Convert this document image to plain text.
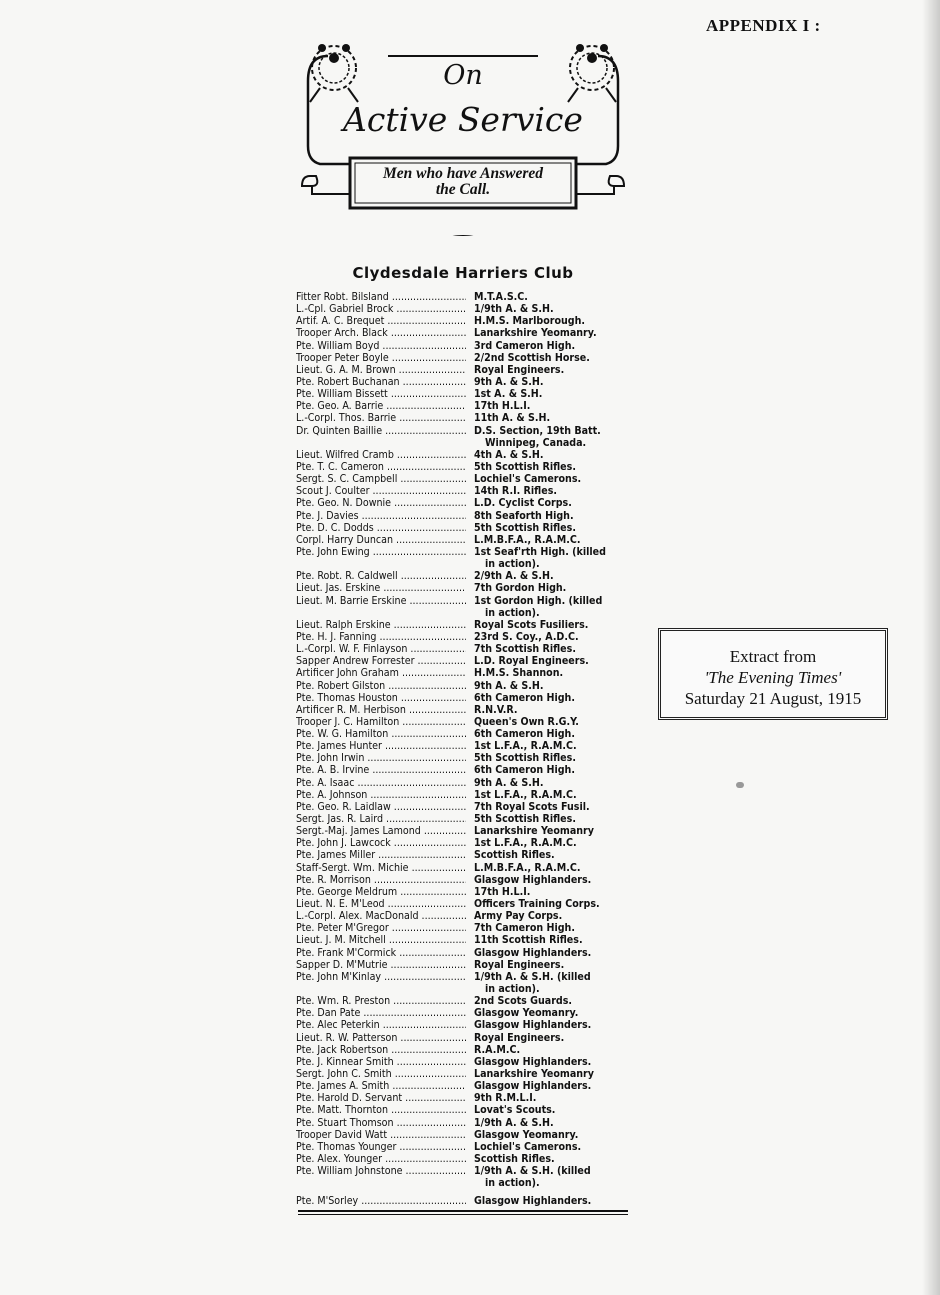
APPENDIX I :
On
Active Service
Men who have Answered
the Call.
Clydesdale Harriers Club
Fitter Robt. Bilsland .....	M.T.A.S.C.
L.-Cpl. Gabriel Brock .....	1/9th A. & S.H.
Artif. A. C. Brequet .....	H.M.S. Marlborough.
Trooper Arch. Black .....	Lanarkshire Yeomanry.
Pte. William Boyd .....	3rd Cameron High.
Trooper Peter Boyle .....	2/2nd Scottish Horse.
Lieut. G. A. M. Brown .....	Royal Engineers.
Pte. Robert Buchanan .....	9th A. & S.H.
Pte. William Bissett .....	1st A. & S.H.
Pte. Geo. A. Barrie .....	17th H.L.I.
L.-Corpl. Thos. Barrie .....	11th A. & S.H.
Dr. Quinten Baillie .....	D.S. Section, 19th Batt.
Winnipeg, Canada.
Lieut. Wilfred Cramb .....	4th A. & S.H.
Pte. T. C. Cameron .....	5th Scottish Rifles.
Sergt. S. C. Campbell .....	Lochiel's Camerons.
Scout J. Coulter .....	14th R.I. Rifles.
Pte. Geo. N. Downie .....	L.D. Cyclist Corps.
Pte. J. Davies .....	8th Seaforth High.
Pte. D. C. Dodds .....	5th Scottish Rifles.
Corpl. Harry Duncan .....	L.M.B.F.A., R.A.M.C.
Pte. John Ewing .....	1st Seaf'rth High. (killed
in action).
Pte. Robt. R. Caldwell .....	2/9th A. & S.H.
Lieut. Jas. Erskine .....	7th Gordon High.
Lieut. M. Barrie Erskine .....	1st Gordon High. (killed
in action).
Lieut. Ralph Erskine .....	Royal Scots Fusiliers.
Pte. H. J. Fanning .....	23rd S. Coy., A.D.C.
L.-Corpl. W. F. Finlayson .....	7th Scottish Rifles.
Sapper Andrew Forrester .....	L.D. Royal Engineers.
Artificer John Graham .....	H.M.S. Shannon.
Pte. Robert Gilston .....	9th A. & S.H.
Pte. Thomas Houston .....	6th Cameron High.
Artificer R. M. Herbison .....	R.N.V.R.
Trooper J. C. Hamilton .....	Queen's Own R.G.Y.
Pte. W. G. Hamilton .....	6th Cameron High.
Pte. James Hunter .....	1st L.F.A., R.A.M.C.
Pte. John Irwin .....	5th Scottish Rifles.
Pte. A. B. Irvine .....	6th Cameron High.
Pte. A. Isaac .....	9th A. & S.H.
Pte. A. Johnson .....	1st L.F.A., R.A.M.C.
Pte. Geo. R. Laidlaw .....	7th Royal Scots Fusil.
Sergt. Jas. R. Laird .....	5th Scottish Rifles.
Sergt.-Maj. James Lamond .....	Lanarkshire Yeomanry
Pte. John J. Lawcock .....	1st L.F.A., R.A.M.C.
Pte. James Miller .....	Scottish Rifles.
Staff-Sergt. Wm. Michie .....	L.M.B.F.A., R.A.M.C.
Pte. R. Morrison .....	Glasgow Highlanders.
Pte. George Meldrum .....	17th H.L.I.
Lieut. N. E. M'Leod .....	Officers Training Corps.
L.-Corpl. Alex. MacDonald .....	Army Pay Corps.
Pte. Peter M'Gregor .....	7th Cameron High.
Lieut. J. M. Mitchell .....	11th Scottish Rifles.
Pte. Frank M'Cormick .....	Glasgow Highlanders.
Sapper D. M'Mutrie .....	Royal Engineers.
Pte. John M'Kinlay .....	1/9th A. & S.H. (killed
in action).
Pte. Wm. R. Preston .....	2nd Scots Guards.
Pte. Dan Pate .....	Glasgow Yeomanry.
Pte. Alec Peterkin .....	Glasgow Highlanders.
Lieut. R. W. Patterson .....	Royal Engineers.
Pte. Jack Robertson .....	R.A.M.C.
Pte. J. Kinnear Smith .....	Glasgow Highlanders.
Sergt. John C. Smith .....	Lanarkshire Yeomanry
Pte. James A. Smith .....	Glasgow Highlanders.
Pte. Harold D. Servant .....	9th R.M.L.I.
Pte. Matt. Thornton .....	Lovat's Scouts.
Pte. Stuart Thomson .....	1/9th A. & S.H.
Trooper David Watt .....	Glasgow Yeomanry.
Pte. Thomas Younger .....	Lochiel's Camerons.
Pte. Alex. Younger .....	Scottish Rifles.
Pte. William Johnstone .....	1/9th A. & S.H. (killed
in action).
Pte. M'Sorley .....	Glasgow Highlanders.
Extract from
'The Evening Times'
Saturday 21 August, 1915
